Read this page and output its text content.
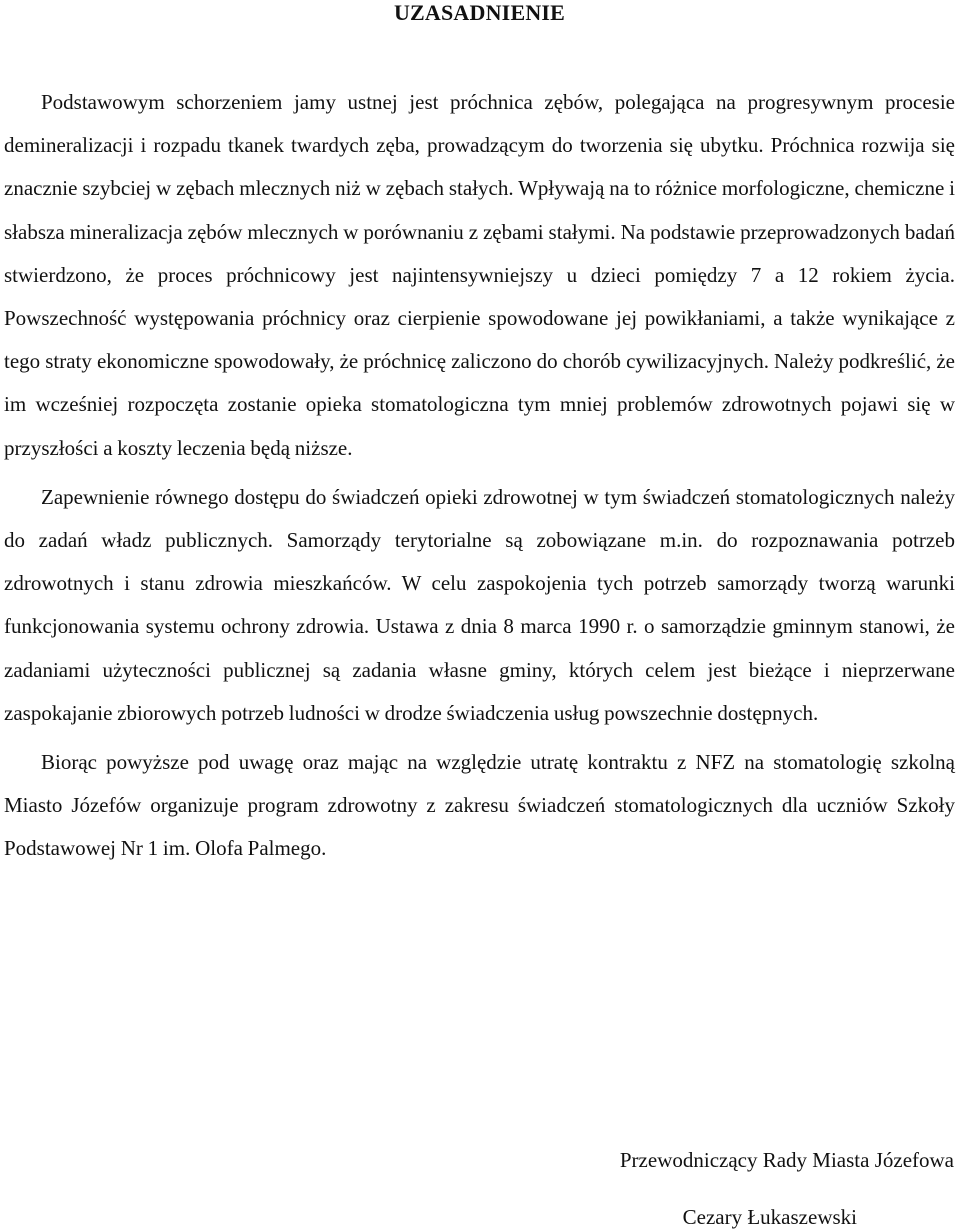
UZASADNIENIE

Podstawowym schorzeniem jamy ustnej jest próchnica zębów, polegająca na progresywnym procesie demineralizacji i rozpadu tkanek twardych zęba, prowadzącym do tworzenia się ubytku. Próchnica rozwija się znacznie szybciej w zębach mlecznych niż w zębach stałych. Wpływają na to różnice morfologiczne, chemiczne i słabsza mineralizacja zębów mlecznych w porównaniu z zębami stałymi. Na podstawie przeprowadzonych badań stwierdzono, że proces próchnicowy jest najintensywniejszy u dzieci pomiędzy 7 a 12 rokiem życia. Powszechność występowania próchnicy oraz cierpienie spowodowane jej powikłaniami, a także wynikające z tego straty ekonomiczne spowodowały, że próchnicę zaliczono do chorób cywilizacyjnych. Należy podkreślić, że im wcześniej rozpoczęta zostanie opieka stomatologiczna tym mniej problemów zdrowotnych pojawi się w przyszłości a koszty leczenia będą niższe.

Zapewnienie równego dostępu do świadczeń opieki zdrowotnej w tym świadczeń stomatologicznych należy do zadań władz publicznych. Samorządy terytorialne są zobowiązane m.in. do rozpoznawania potrzeb zdrowotnych i stanu zdrowia mieszkańców. W celu zaspokojenia tych potrzeb samorządy tworzą warunki funkcjonowania systemu ochrony zdrowia. Ustawa z dnia 8 marca 1990 r. o samorządzie gminnym stanowi, że zadaniami użyteczności publicznej są zadania własne gminy, których celem jest bieżące i nieprzerwane zaspokajanie zbiorowych potrzeb ludności w drodze świadczenia usług powszechnie dostępnych.

Biorąc powyższe pod uwagę oraz mając na względzie utratę kontraktu z NFZ na stomatologię szkolną Miasto Józefów organizuje program zdrowotny z zakresu świadczeń stomatologicznych dla uczniów Szkoły Podstawowej Nr 1 im. Olofa Palmego.

Przewodniczący Rady Miasta Józefowa

Cezary Łukaszewski
